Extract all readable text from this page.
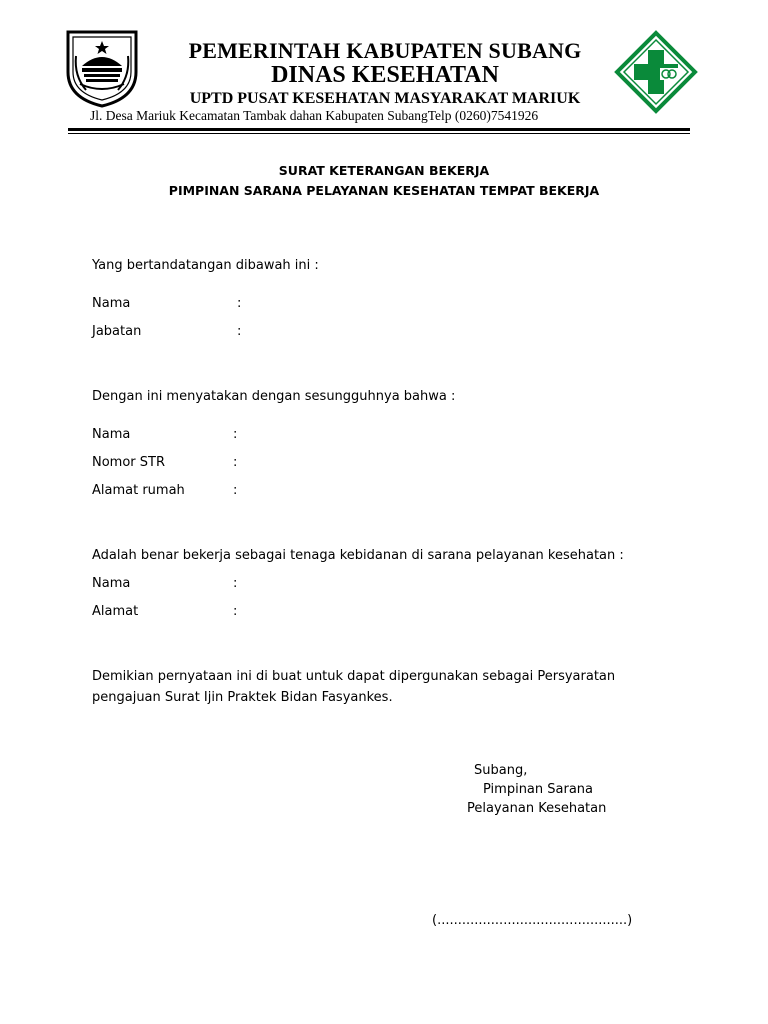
PEMERINTAH KABUPATEN SUBANG
DINAS KESEHATAN
UPTD PUSAT KESEHATAN MASYARAKAT MARIUK
Jl. Desa Mariuk Kecamatan Tambak dahan Kabupaten SubangTelp (0260)7541926
SURAT KETERANGAN BEKERJA
PIMPINAN SARANA PELAYANAN KESEHATAN TEMPAT BEKERJA
Yang bertandatangan dibawah ini :
Nama	:
Jabatan	:
Dengan ini menyatakan dengan sesungguhnya bahwa :
Nama	:
Nomor STR	:
Alamat rumah	:
Adalah benar bekerja sebagai tenaga kebidanan di sarana pelayanan kesehatan :
Nama	:
Alamat	:
Demikian pernyataan ini di buat untuk dapat dipergunakan sebagai Persyaratan
pengajuan Surat Ijin Praktek Bidan Fasyankes.
Subang,
Pimpinan Sarana
Pelayanan Kesehatan
(..............................................)
